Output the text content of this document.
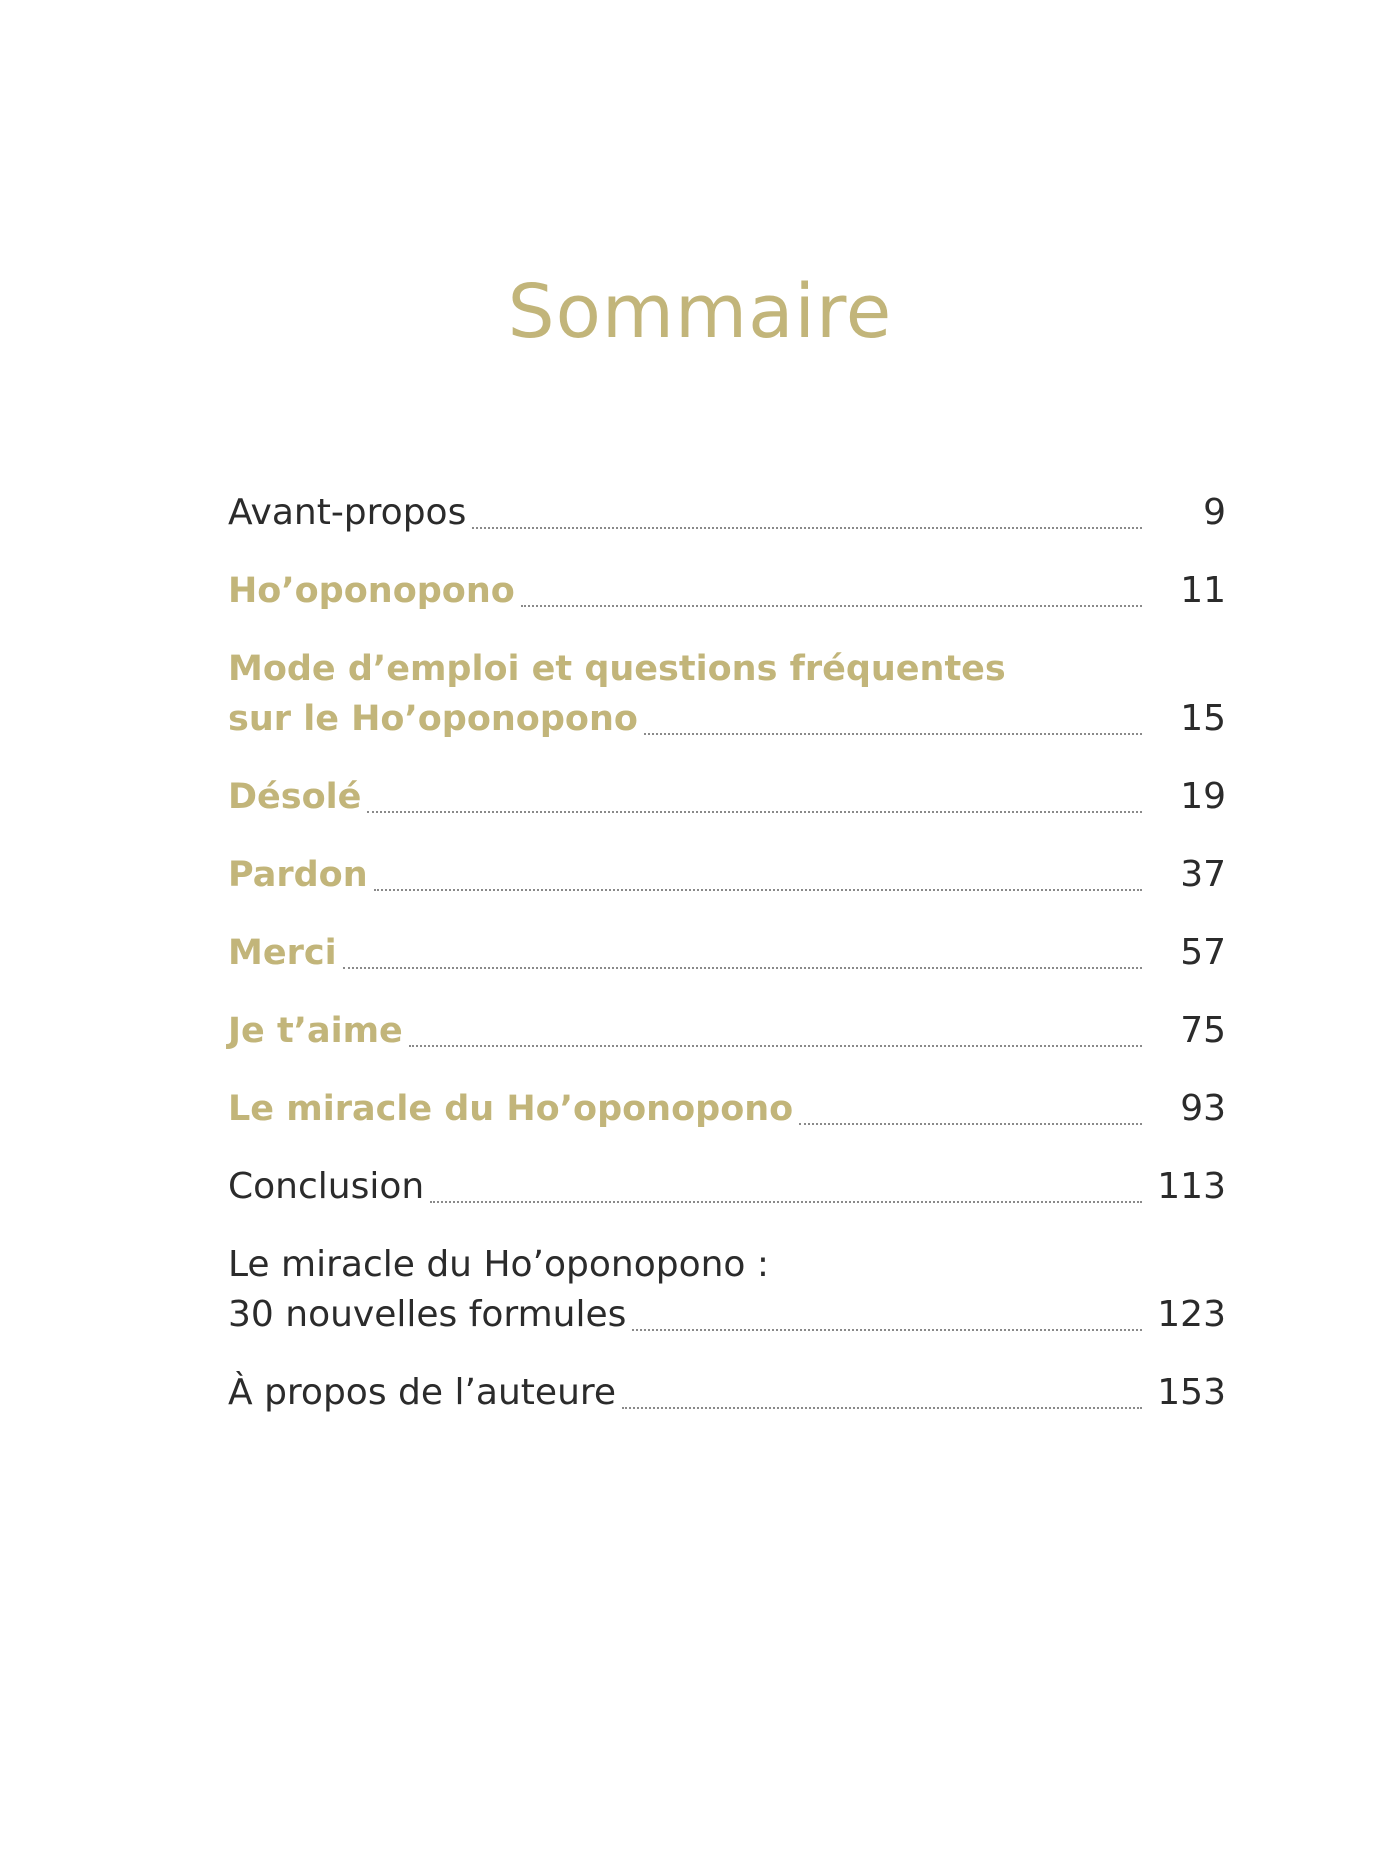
Sommaire
Avant-propos	9
Ho’oponopono	11
Mode d’emploi et questions fréquentes
sur le Ho’oponopono	15
Désolé	19
Pardon	37
Merci	57
Je t’aime	75
Le miracle du Ho’oponopono	93
Conclusion	113
Le miracle du Ho’oponopono :
30 nouvelles formules	123
À propos de l’auteure	153
